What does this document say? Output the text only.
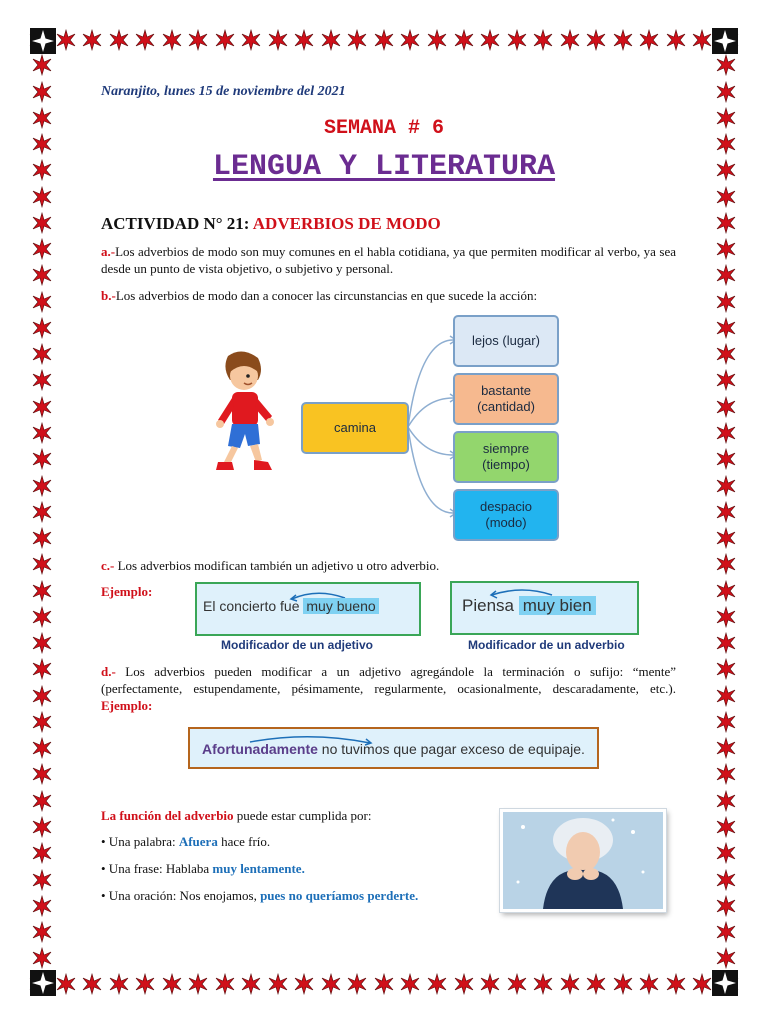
Naranjito, lunes 15 de noviembre del 2021
SEMANA # 6
LENGUA Y LITERATURA
ACTIVIDAD N° 21: ADVERBIOS DE MODO
a.-Los adverbios de modo son muy comunes en el habla cotidiana, ya que permiten modificar al verbo, ya sea desde un punto de vista objetivo, o subjetivo y personal.
b.-Los adverbios de modo dan a conocer las circunstancias en que sucede la acción:
camina
lejos (lugar)
bastante
(cantidad)
siempre
(tiempo)
despacio
(modo)
c.- Los adverbios modifican también un adjetivo u otro adverbio.
Ejemplo:
El concierto fue muy bueno
Modificador de un adjetivo
Piensa muy bien
Modificador de un adverbio
d.- Los adverbios pueden modificar a un adjetivo agregándole la terminación o sufijo: “mente” (perfectamente, estupendamente, pésimamente, regularmente, ocasionalmente, descaradamente, etc.). Ejemplo:
Afortunadamente no tuvimos que pagar exceso de equipaje.
La función del adverbio puede estar cumplida por:
• Una palabra: Afuera hace frío.
• Una frase: Hablaba muy lentamente.
• Una oración: Nos enojamos, pues no queríamos perderte.
